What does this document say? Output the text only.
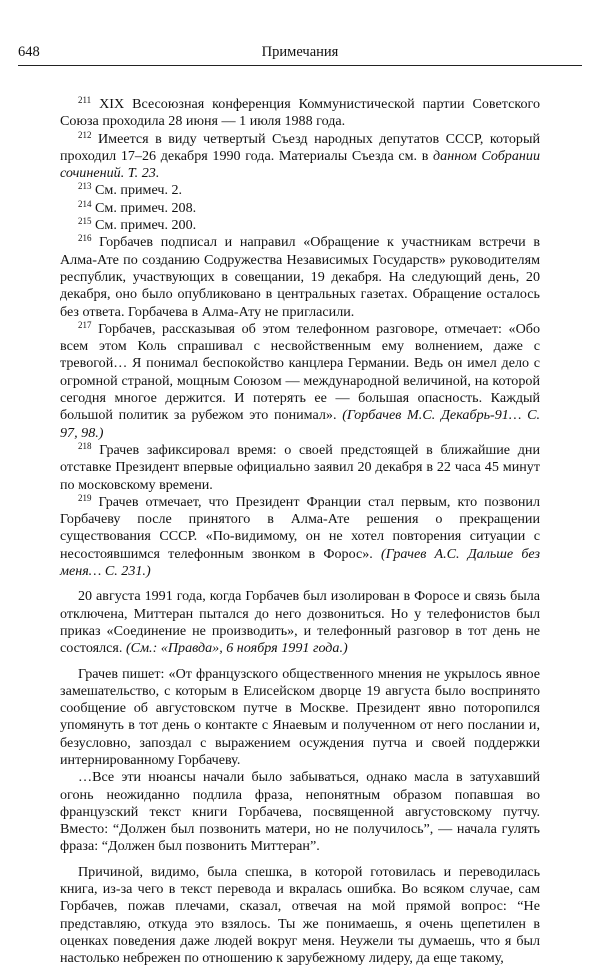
648	Примечания

$^{211}$ XIX Всесоюзная конференция Коммунистической партии Советского Союза проходила 28 июня — 1 июля 1988 года.

$^{212}$ Имеется в виду четвертый Съезд народных депутатов СССР, который проходил 17–26 декабря 1990 года. Материалы Съезда см. в данном Собрании сочинений. Т. 23.

$^{213}$ См. примеч. 2.

$^{214}$ См. примеч. 208.

$^{215}$ См. примеч. 200.

$^{216}$ Горбачев подписал и направил «Обращение к участникам встречи в Алма-Ате по созданию Содружества Независимых Государств» руководителям республик, участвующих в совещании, 19 декабря. На следующий день, 20 декабря, оно было опубликовано в центральных газетах. Обращение осталось без ответа. Горбачева в Алма-Ату не пригласили.

$^{217}$ Горбачев, рассказывая об этом телефонном разговоре, отмечает: «Обо всем этом Коль спрашивал с несвойственным ему волнением, даже с тревогой… Я понимал беспокойство канцлера Германии. Ведь он имел дело с огромной страной, мощным Союзом — международной величиной, на которой сегодня многое держится. И потерять ее — большая опасность. Каждый большой политик за рубежом это понимал». (Горбачев М.С. Декабрь-91… С. 97, 98.)

$^{218}$ Грачев зафиксировал время: о своей предстоящей в ближайшие дни отставке Президент впервые официально заявил 20 декабря в 22 часа 45 минут по московскому времени.

$^{219}$ Грачев отмечает, что Президент Франции стал первым, кто позвонил Горбачеву после принятого в Алма-Ате решения о прекращении существования СССР. «По-видимому, он не хотел повторения ситуации с несостоявшимся телефонным звонком в Форос». (Грачев А.С. Дальше без меня… С. 231.)

20 августа 1991 года, когда Горбачев был изолирован в Форосе и связь была отключена, Миттеран пытался до него дозвониться. Но у телефонистов был приказ «Соединение не производить», и телефонный разговор в тот день не состоялся. (См.: «Правда», 6 ноября 1991 года.)

Грачев пишет: «От французского общественного мнения не укрылось явное замешательство, с которым в Елисейском дворце 19 августа было воспринято сообщение об августовском путче в Москве. Президент явно поторопился упомянуть в тот день о контакте с Янаевым и полученном от него послании и, безусловно, запоздал с выражением осуждения путча и своей поддержки интернированному Горбачеву.

…Все эти нюансы начали было забываться, однако масла в затухавший огонь неожиданно подлила фраза, непонятным образом попавшая во французский текст книги Горбачева, посвященной августовскому путчу. Вместо: “Должен был позвонить матери, но не получилось”, — начала гулять фраза: “Должен был позвонить Миттеран”.

Причиной, видимо, была спешка, в которой готовилась и переводилась книга, из-за чего в текст перевода и вкралась ошибка. Во всяком случае, сам Горбачев, пожав плечами, сказал, отвечая на мой прямой вопрос: “Не представляю, откуда это взялось. Ты же понимаешь, я очень щепетилен в оценках поведения даже людей вокруг меня. Неужели ты думаешь, что я был настолько небрежен по отношению к зарубежному лидеру, да еще такому,
